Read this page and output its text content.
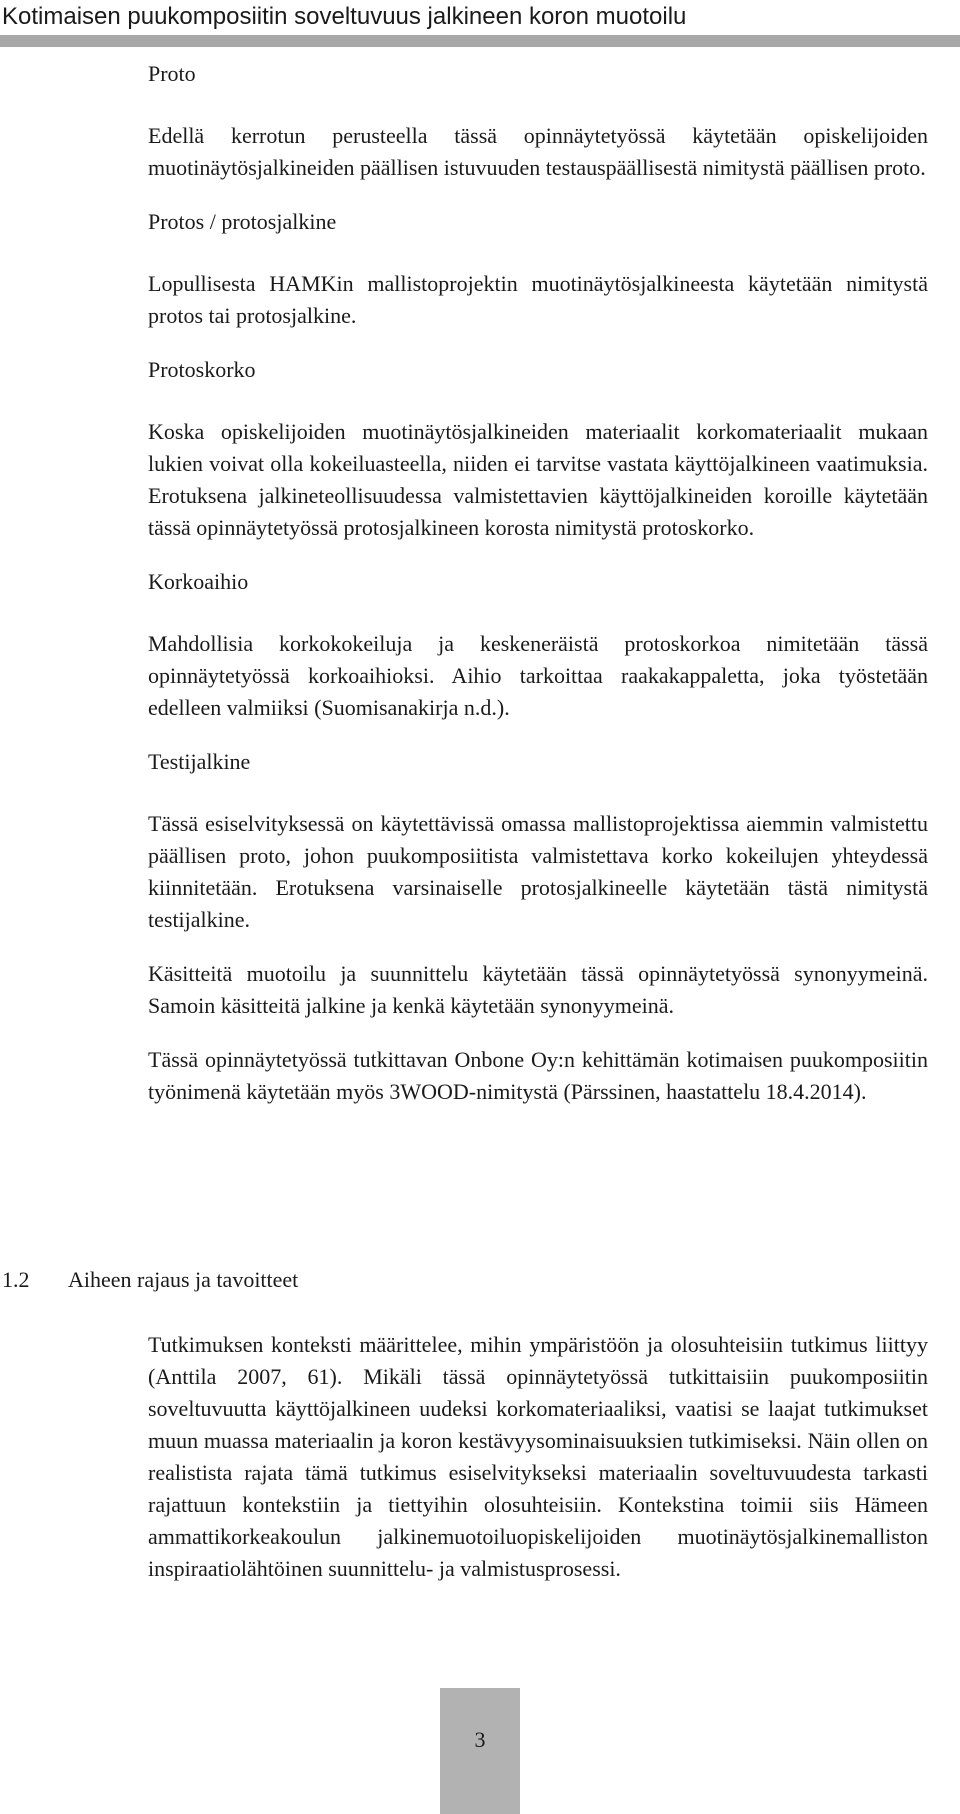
Kotimaisen puukomposiitin soveltuvuus jalkineen koron muotoilu

Proto

Edellä kerrotun perusteella tässä opinnäytetyössä käytetään opiskelijoiden muotinäytösjalkineiden päällisen istuvuuden testauspäällisestä nimitystä päällisen proto.

Protos / protosjalkine

Lopullisesta HAMKin mallistoprojektin muotinäytösjalkineesta käytetään nimitystä protos tai protosjalkine.

Protoskorko

Koska opiskelijoiden muotinäytösjalkineiden materiaalit korkomateriaalit mukaan lukien voivat olla kokeiluasteella, niiden ei tarvitse vastata käyttöjalkineen vaatimuksia. Erotuksena jalkineteollisuudessa valmistettavien käyttöjalkineiden koroille käytetään tässä opinnäytetyössä protosjalkineen korosta nimitystä protoskorko.

Korkoaihio

Mahdollisia korkokokeiluja ja keskeneräistä protoskorkoa nimitetään tässä opinnäytetyössä korkoaihioksi. Aihio tarkoittaa raakakappaletta, joka työstetään edelleen valmiiksi (Suomisanakirja n.d.).

Testijalkine

Tässä esiselvityksessä on käytettävissä omassa mallistoprojektissa aiemmin valmistettu päällisen proto, johon puukomposiitista valmistettava korko kokeilujen yhteydessä kiinnitetään. Erotuksena varsinaiselle protosjalkineelle käytetään tästä nimitystä testijalkine.

Käsitteitä muotoilu ja suunnittelu käytetään tässä opinnäytetyössä synonyymeinä. Samoin käsitteitä jalkine ja kenkä käytetään synonyymeinä.

Tässä opinnäytetyössä tutkittavan Onbone Oy:n kehittämän kotimaisen puukomposiitin työnimenä käytetään myös 3WOOD-nimitystä (Pärssinen, haastattelu 18.4.2014).

1.2 Aiheen rajaus ja tavoitteet

Tutkimuksen konteksti määrittelee, mihin ympäristöön ja olosuhteisiin tutkimus liittyy (Anttila 2007, 61). Mikäli tässä opinnäytetyössä tutkittaisiin puukomposiitin soveltuvuutta käyttöjalkineen uudeksi korkomateriaaliksi, vaatisi se laajat tutkimukset muun muassa materiaalin ja koron kestävyysominaisuuksien tutkimiseksi. Näin ollen on realistista rajata tämä tutkimus esiselvitykseksi materiaalin soveltuvuudesta tarkasti rajattuun kontekstiin ja tiettyihin olosuhteisiin. Kontekstina toimii siis Hämeen ammattikorkeakoulun jalkinemuotoiluopiskelijoiden muotinäytösjalkinemalliston inspiraatiolähtöinen suunnittelu- ja valmistusprosessi.

3
